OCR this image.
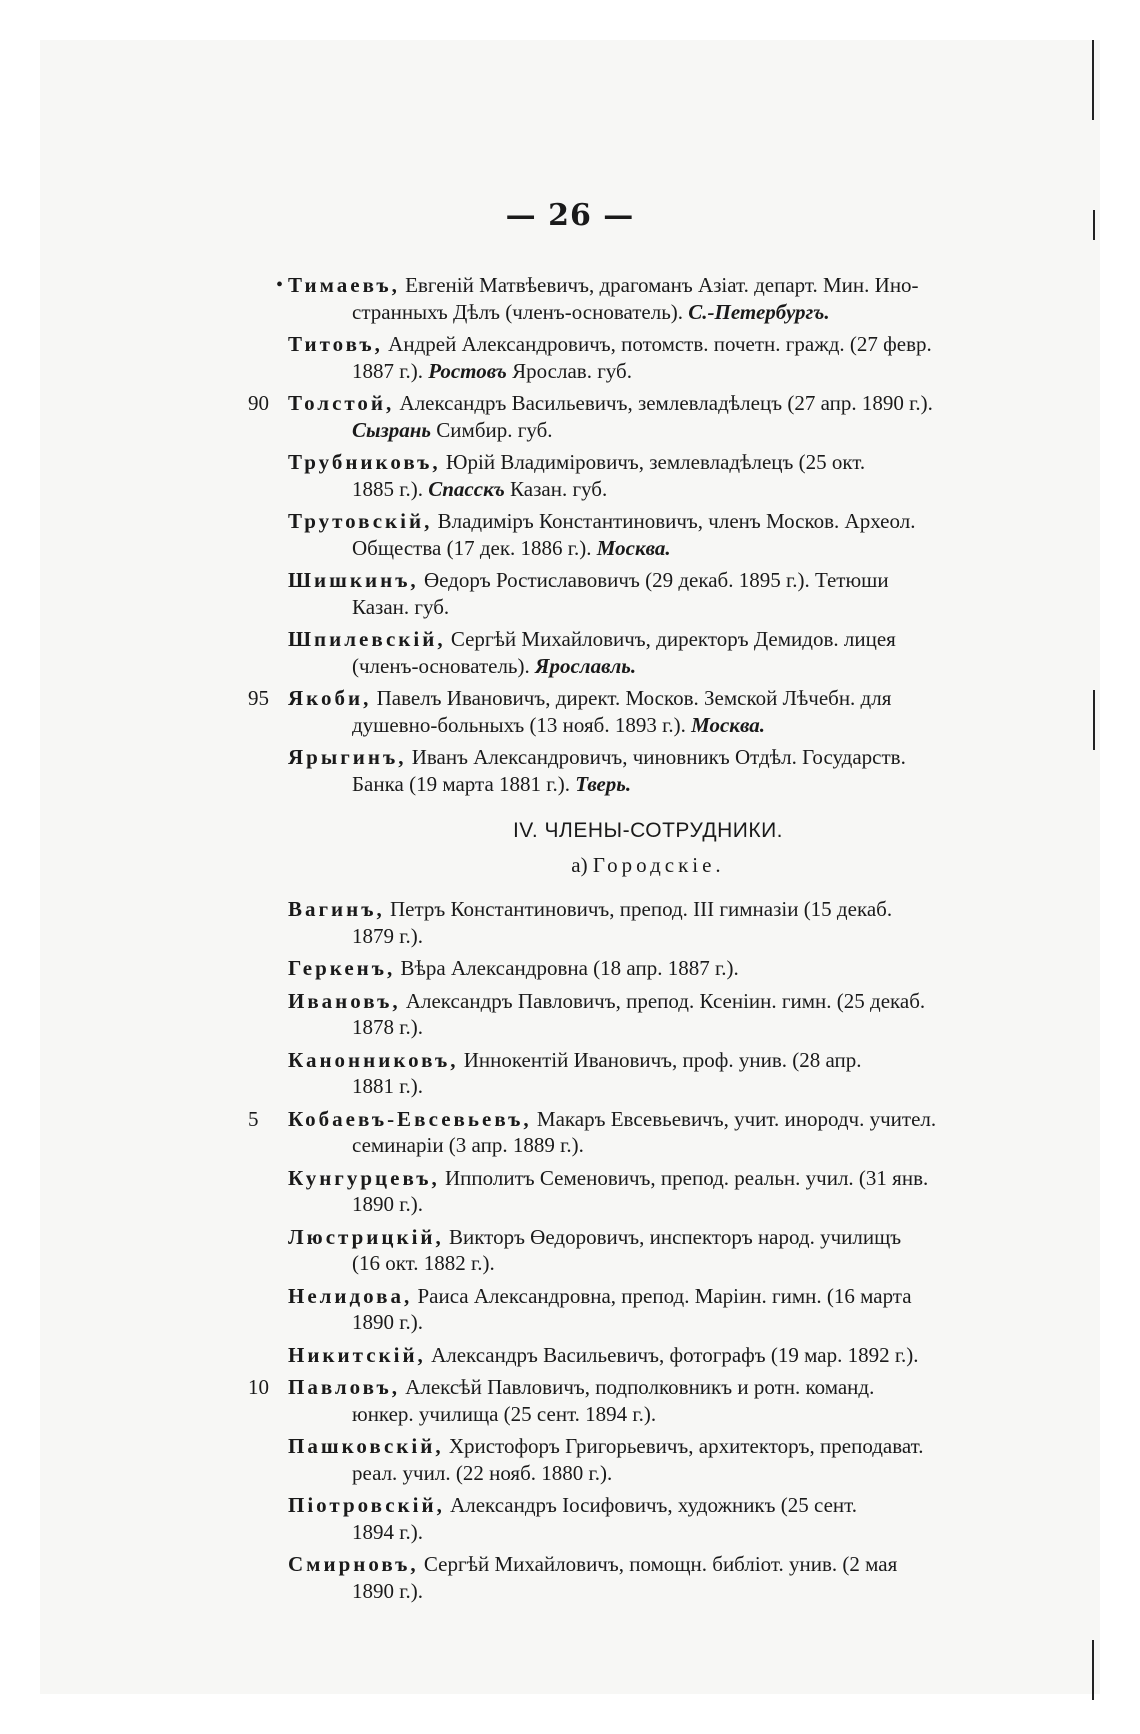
— 26 —
• Тимаевъ, Евгеній Матвѣевичъ, драгоманъ Азіат. департ. Мин. Ино-
странныхъ Дѣлъ (членъ-основатель). С.-Петербургъ.
Титовъ, Андрей Александровичъ, потомств. почетн. гражд. (27 февр.
1887 г.). Ростовъ Ярослав. губ.
90 Толстой, Александръ Васильевичъ, землевладѣлецъ (27 апр. 1890 г.).
Сызрань Симбир. губ.
Трубниковъ, Юрій Владиміровичъ, землевладѣлецъ (25 окт.
1885 г.). Спасскъ Казан. губ.
Трутовскій, Владиміръ Константиновичъ, членъ Москов. Археол.
Общества (17 дек. 1886 г.). Москва.
Шишкинъ, Өедоръ Ростиславовичъ (29 декаб. 1895 г.). Тетюши
Казан. губ.
Шпилевскій, Сергѣй Михайловичъ, директоръ Демидов. лицея
(членъ-основатель). Ярославль.
95 Якоби, Павелъ Ивановичъ, директ. Москов. Земской Лѣчебн. для
душевно-больныхъ (13 нояб. 1893 г.). Москва.
Ярыгинъ, Иванъ Александровичъ, чиновникъ Отдѣл. Государств.
Банка (19 марта 1881 г.). Тверь.
IV. ЧЛЕНЫ-СОТРУДНИКИ.
а) Городскіе.
Вагинъ, Петръ Константиновичъ, препод. III гимназіи (15 декаб.
1879 г.).
Геркенъ, Вѣра Александровна (18 апр. 1887 г.).
Ивановъ, Александръ Павловичъ, препод. Ксеніин. гимн. (25 декаб.
1878 г.).
Канонниковъ, Иннокентій Ивановичъ, проф. унив. (28 апр.
1881 г.).
5 Кобаевъ-Евсевьевъ, Макаръ Евсевьевичъ, учит. инородч. учител.
семинаріи (3 апр. 1889 г.).
Кунгурцевъ, Ипполитъ Семеновичъ, препод. реальн. учил. (31 янв.
1890 г.).
Люстрицкій, Викторъ Өедоровичъ, инспекторъ народ. училищъ
(16 окт. 1882 г.).
Нелидова, Раиса Александровна, препод. Маріин. гимн. (16 марта
1890 г.).
Никитскій, Александръ Васильевичъ, фотографъ (19 мар. 1892 г.).
10 Павловъ, Алексѣй Павловичъ, подполковникъ и ротн. команд.
юнкер. училища (25 сент. 1894 г.).
Пашковскій, Христофоръ Григорьевичъ, архитекторъ, преподават.
реал. учил. (22 нояб. 1880 г.).
Піотровскій, Александръ Іосифовичъ, художникъ (25 сент.
1894 г.).
Смирновъ, Сергѣй Михайловичъ, помощн. библіот. унив. (2 мая
1890 г.).
